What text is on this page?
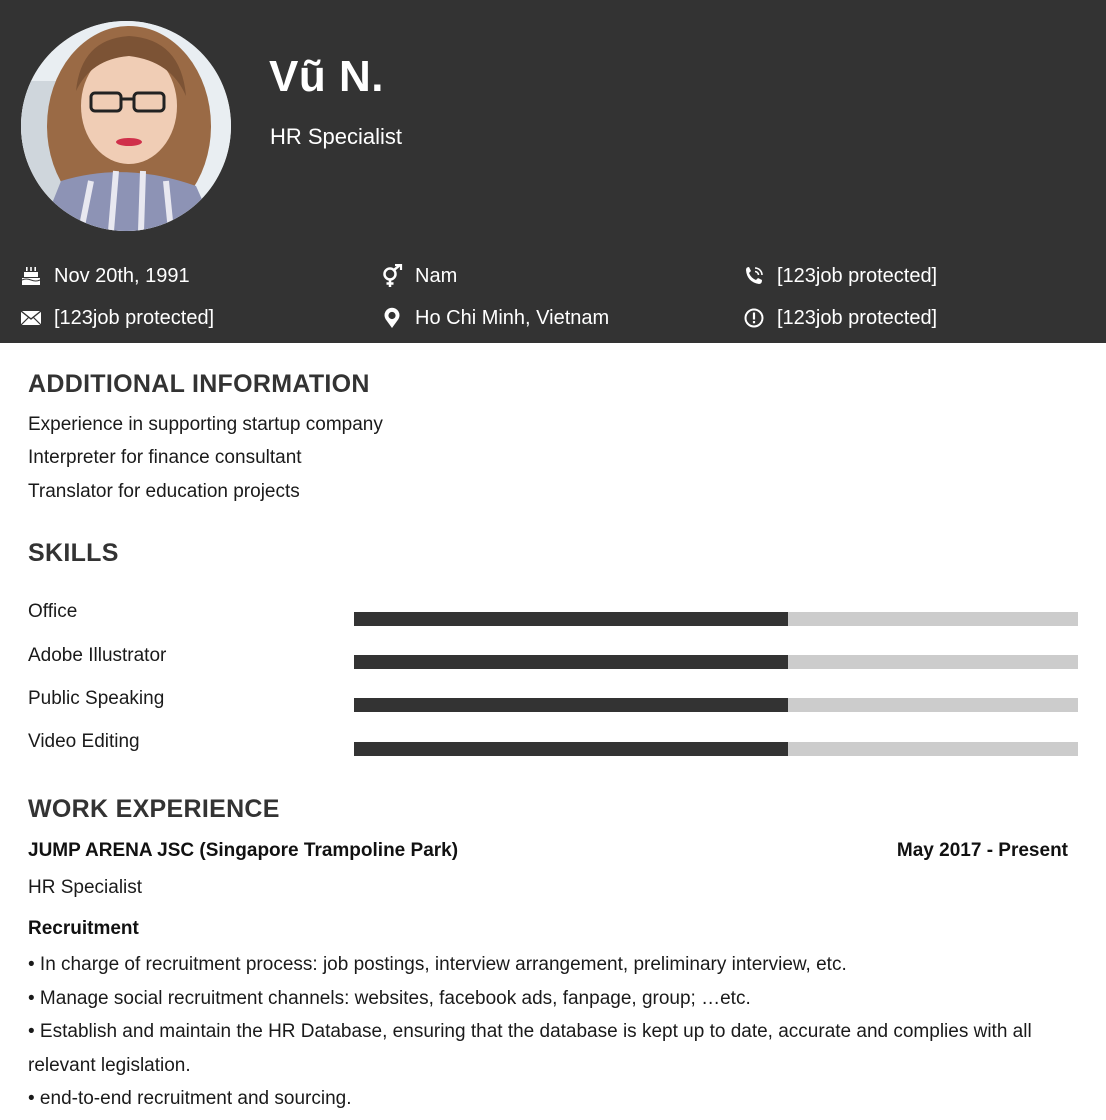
Vũ N.
HR Specialist
Nov 20th, 1991	Nam	[123job protected]
[123job protected]	Ho Chi Minh, Vietnam	[123job protected]
ADDITIONAL INFORMATION
Experience in supporting startup company
Interpreter for finance consultant
Translator for education projects
SKILLS
Office
Adobe Illustrator
Public Speaking
Video Editing
WORK EXPERIENCE
JUMP ARENA JSC (Singapore Trampoline Park)	May 2017 - Present
HR Specialist
Recruitment
• In charge of recruitment process: job postings, interview arrangement, preliminary interview, etc.
• Manage social recruitment channels: websites, facebook ads, fanpage, group; …etc.
• Establish and maintain the HR Database, ensuring that the database is kept up to date, accurate and complies with all relevant legislation.
• end-to-end recruitment and sourcing.
